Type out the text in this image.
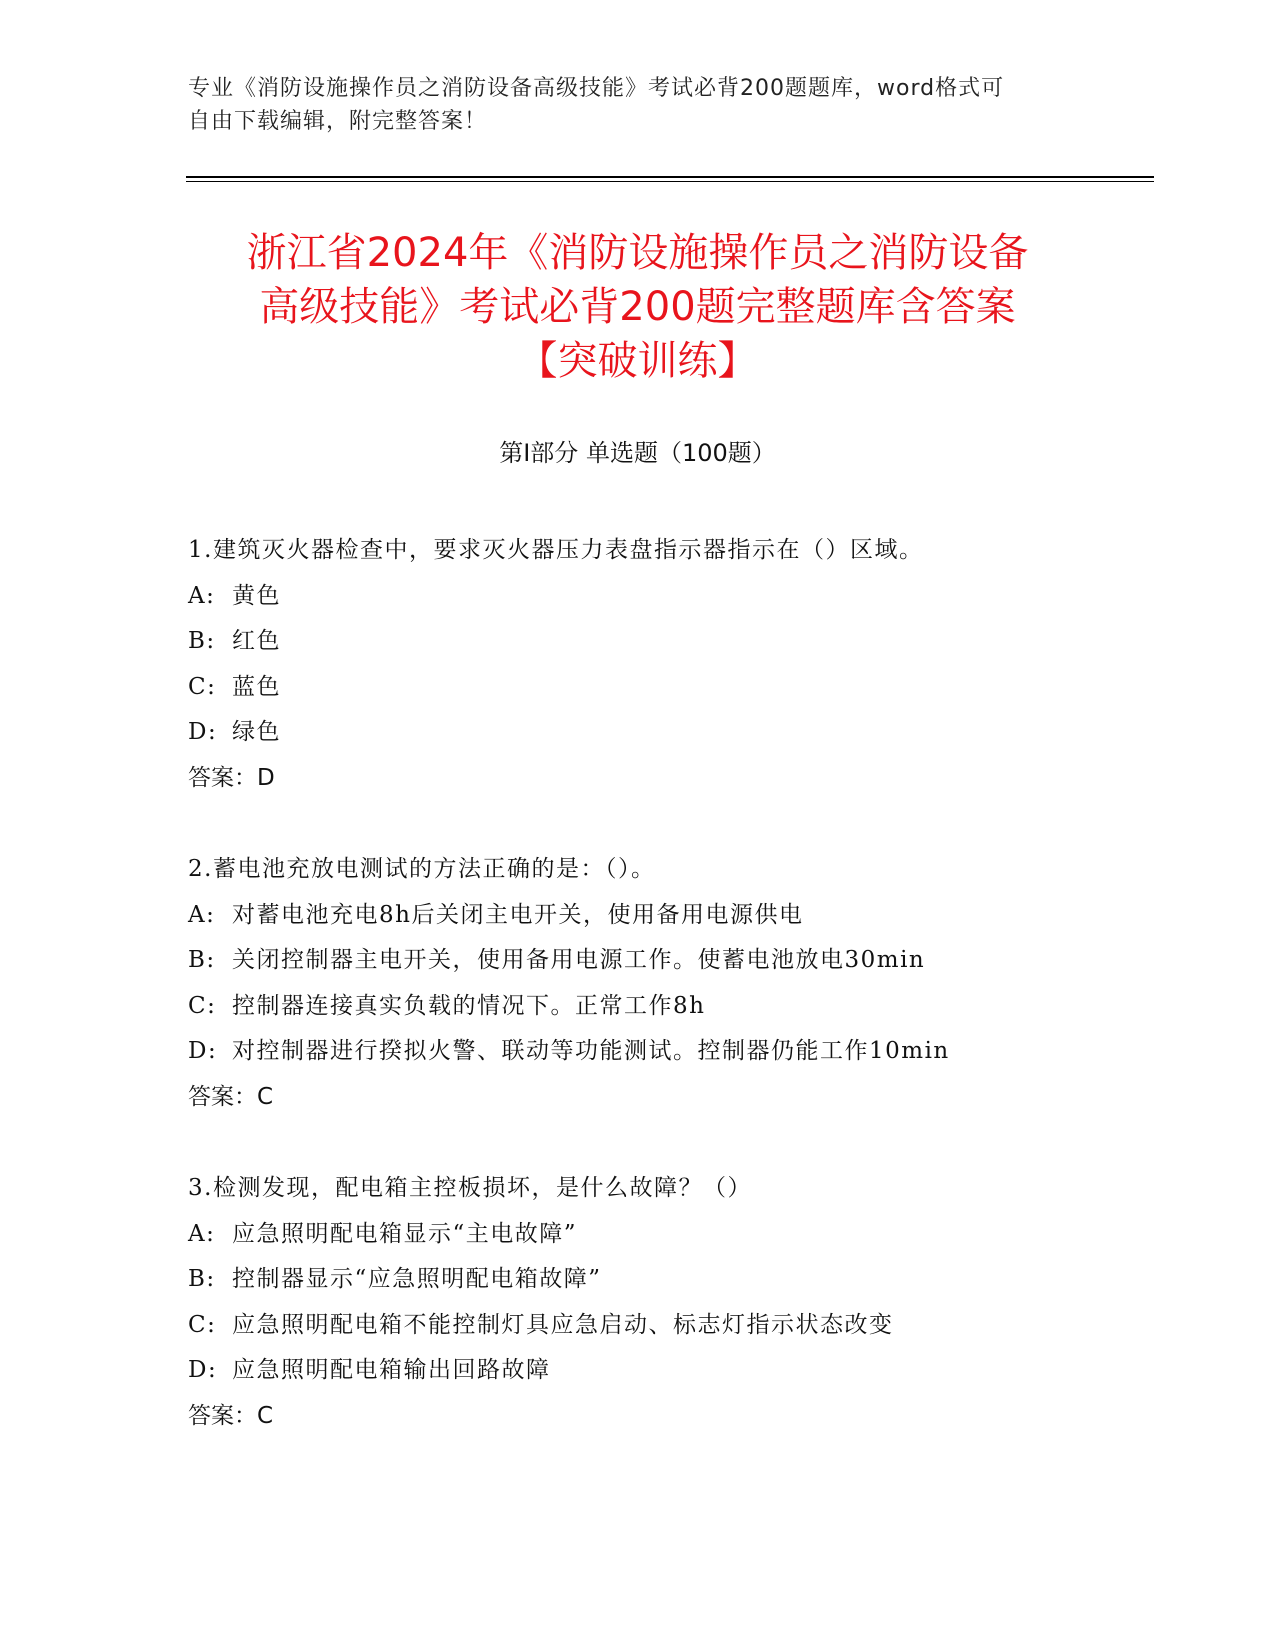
专业《消防设施操作员之消防设备高级技能》考试必背200题题库，word格式可
自由下载编辑，附完整答案！
浙江省2024年《消防设施操作员之消防设备
高级技能》考试必背200题完整题库含答案
【突破训练】
第Ⅰ部分 单选题（100题）
1.建筑灭火器检查中，要求灭火器压力表盘指示器指示在（）区域。
A: 黄色
B: 红色
C: 蓝色
D: 绿色
答案：D
2.蓄电池充放电测试的方法正确的是：（）。
A: 对蓄电池充电8h后关闭主电开关，使用备用电源供电
B: 关闭控制器主电开关，使用备用电源工作。使蓄电池放电30min
C: 控制器连接真实负载的情况下。正常工作8h
D: 对控制器进行揆拟火警、联动等功能测试。控制器仍能工作10min
答案：C
3.检测发现，配电箱主控板损坏，是什么故障？（）
A: 应急照明配电箱显示“主电故障”
B: 控制器显示“应急照明配电箱故障”
C: 应急照明配电箱不能控制灯具应急启动、标志灯指示状态改变
D: 应急照明配电箱输出回路故障
答案：C
